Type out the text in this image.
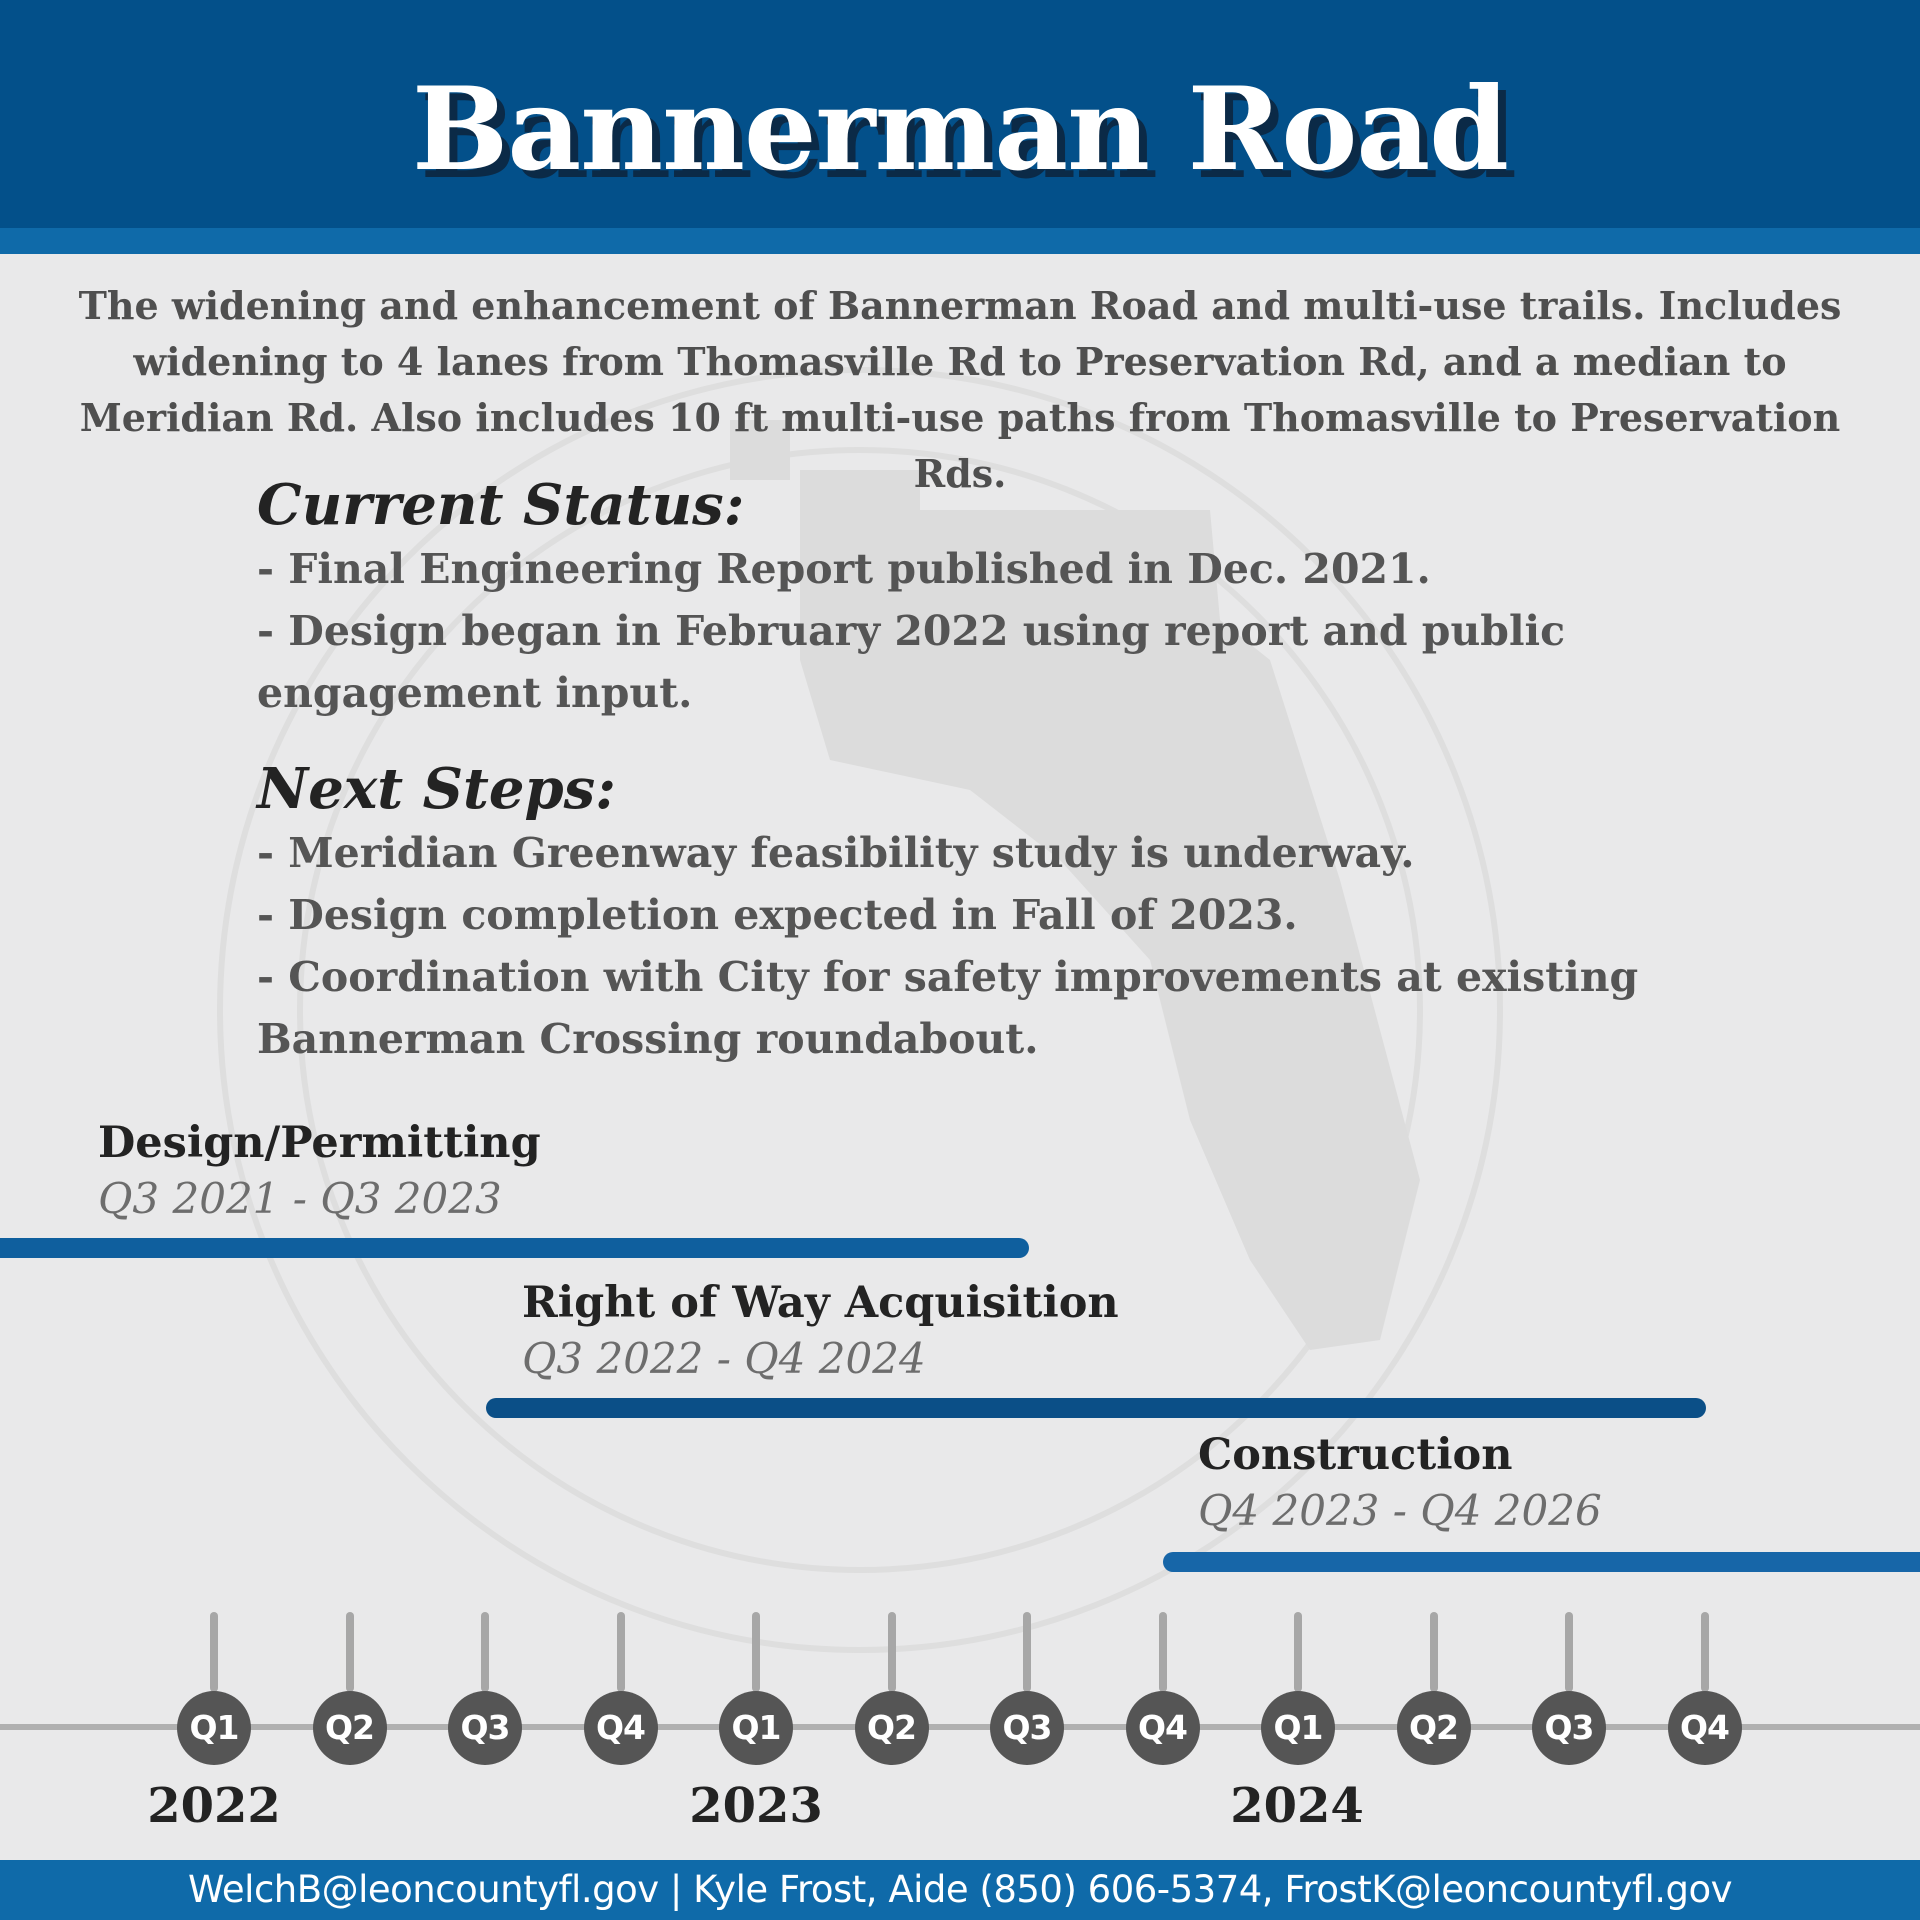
Bannerman Road
The widening and enhancement of Bannerman Road and multi-use trails. Includes
widening to 4 lanes from Thomasville Rd to Preservation Rd, and a median to
Meridian Rd. Also includes 10 ft multi-use paths from Thomasville to Preservation Rds.
Current Status:
- Final Engineering Report published in Dec. 2021.
- Design began in February 2022 using report and public
engagement input.
Next Steps:
- Meridian Greenway feasibility study is underway.
- Design completion expected in Fall of 2023.
- Coordination with City for safety improvements at existing
Bannerman Crossing roundabout.
Design/Permitting
Q3 2021 - Q3 2023
Right of Way Acquisition
Q3 2022 - Q4 2024
Construction
Q4 2023 - Q4 2026
Q1	Q2	Q3	Q4	Q1	Q2	Q3	Q4	Q1	Q2	Q3	Q4
2022	2023	2024
WelchB@leoncountyfl.gov | Kyle Frost, Aide (850) 606-5374, FrostK@leoncountyfl.gov
